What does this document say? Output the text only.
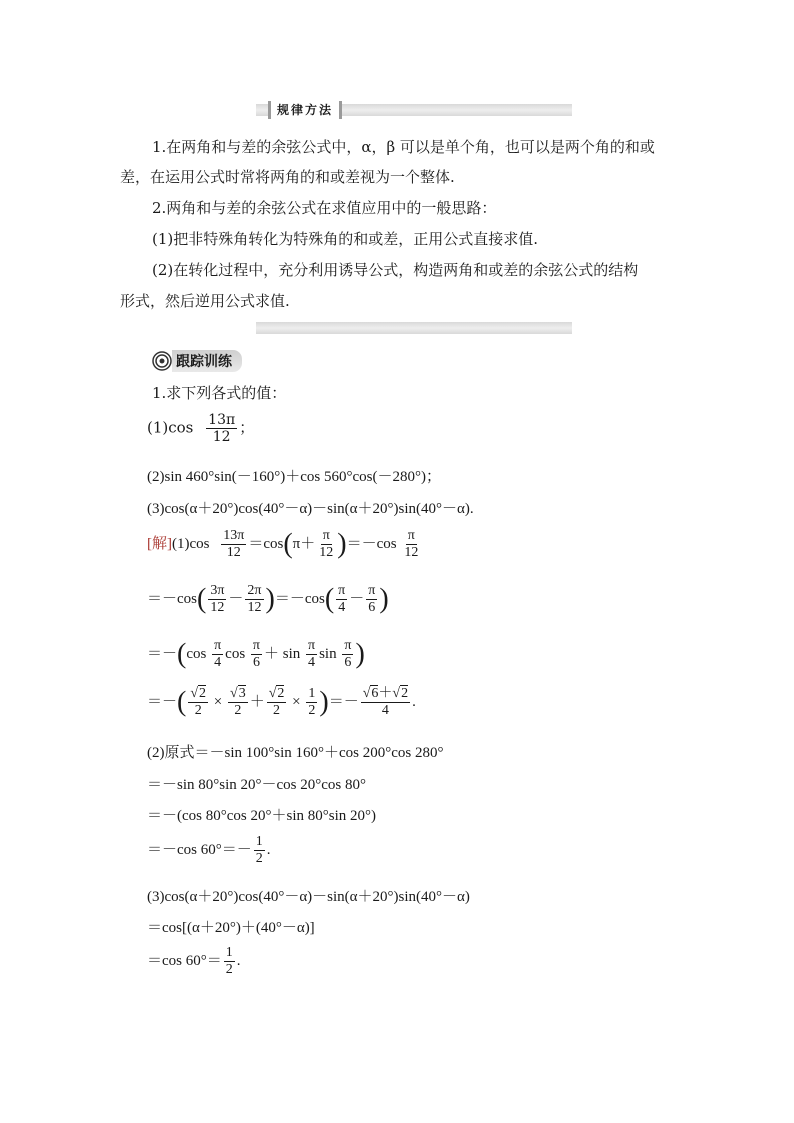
规律方法
1.在两角和与差的余弦公式中，α，β 可以是单个角，也可以是两个角的和或
差，在运用公式时常将两角的和或差视为一个整体.
2.两角和与差的余弦公式在求值应用中的一般思路：
(1)把非特殊角转化为特殊角的和或差，正用公式直接求值.
(2)在转化过程中，充分利用诱导公式，构造两角和或差的余弦公式的结构
形式，然后逆用公式求值.
跟踪训练
1.求下列各式的值：
$(1)\cos \frac{13\pi}{12}$ ；
(2)sin 460°sin(－160°)＋cos 560°cos(－280°)；
(3)cos(α＋20°)cos(40°－α)－sin(α＋20°)sin(40°－α).
[解]$(1)\cos \frac{13\pi}{12} =\cos(\pi+ \frac{\pi}{12} )=-\cos \frac{\pi}{12}$
$=-\cos( \frac{3\pi}{12} - \frac{2\pi}{12} )=-\cos( \frac{\pi}{4} - \frac{\pi}{6}$ )
$=-(\cos \frac{\pi}{4}$ $\cos \frac{\pi}{6} + \sin \frac{\pi}{4}$ $\sin \frac{\pi}{6}$ )
＝－( $\frac{√2}{2} \times \frac{√3}{2} + \frac{√2}{2} \times \frac{1}{2}$ )＝－ $\frac{√6+√2}{4}$ .
(2)原式＝－sin 100°sin 160°＋cos 200°cos 280°
＝－sin 80°sin 20°－cos 20°cos 80°
＝－(cos 80°cos 20°＋sin 80°sin 20°)
＝－cos $60^\circ=- \frac{1}{2}$ .
(3)cos(α＋20°)cos(40°－α)－sin(α＋20°)sin(40°－α)
＝cos[(α＋20°)＋(40°－α)]
＝cos $60^\circ= \frac{1}{2}$ .
